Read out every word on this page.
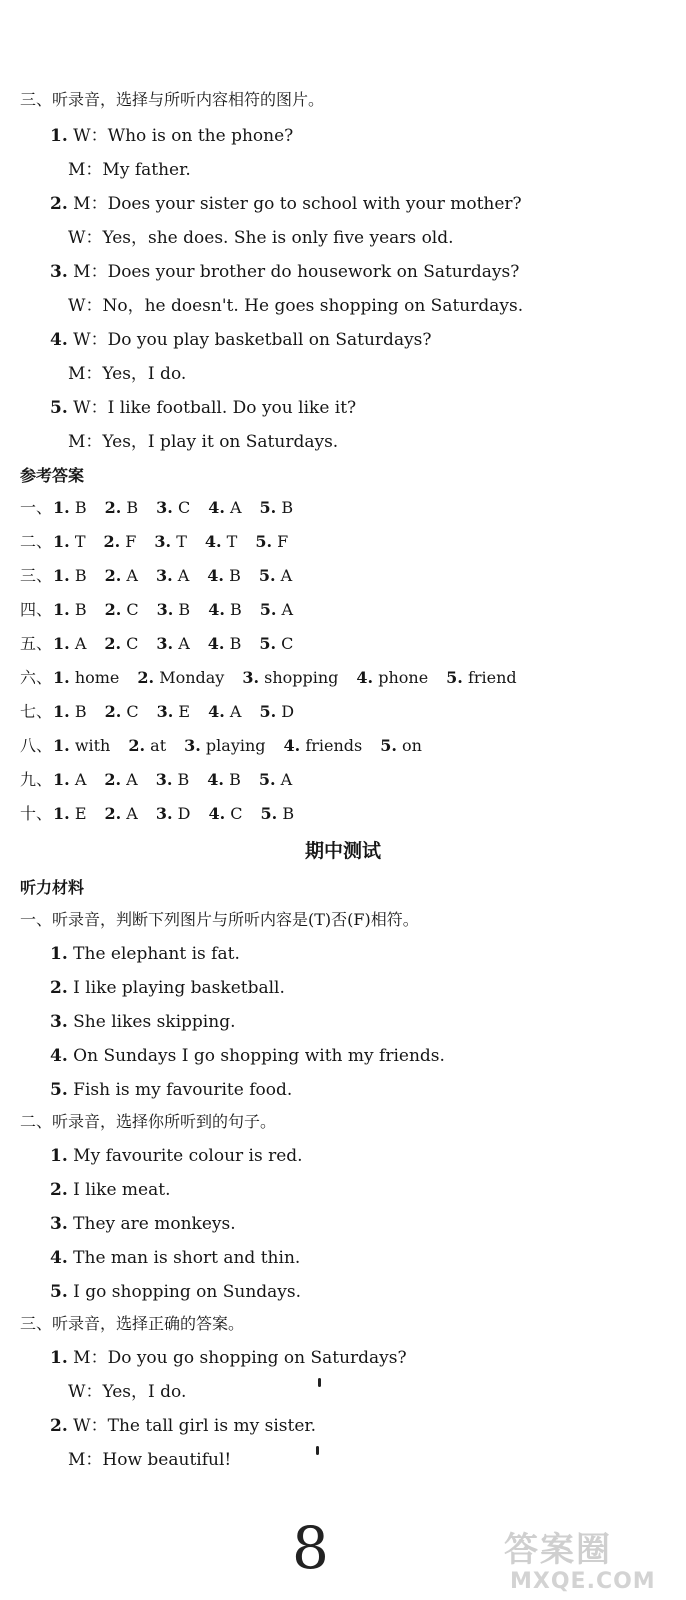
三、听录音，选择与所听内容相符的图片。
1. W：Who is on the phone?
M：My father.
2. M：Does your sister go to school with your mother?
W：Yes，she does. She is only five years old.
3. M：Does your brother do housework on Saturdays?
W：No，he doesn't. He goes shopping on Saturdays.
4. W：Do you play basketball on Saturdays?
M：Yes，I do.
5. W：I like football. Do you like it?
M：Yes，I play it on Saturdays.
参考答案
一、1. B 2. B 3. C 4. A 5. B
二、1. T 2. F 3. T 4. T 5. F
三、1. B 2. A 3. A 4. B 5. A
四、1. B 2. C 3. B 4. B 5. A
五、1. A 2. C 3. A 4. B 5. C
六、1. home 2. Monday 3. shopping 4. phone 5. friend
七、1. B 2. C 3. E 4. A 5. D
八、1. with 2. at 3. playing 4. friends 5. on
九、1. A 2. A 3. B 4. B 5. A
十、1. E 2. A 3. D 4. C 5. B
期中测试
听力材料
一、听录音，判断下列图片与所听内容是(T)否(F)相符。
1. The elephant is fat.
2. I like playing basketball.
3. She likes skipping.
4. On Sundays I go shopping with my friends.
5. Fish is my favourite food.
二、听录音，选择你所听到的句子。
1. My favourite colour is red.
2. I like meat.
3. They are monkeys.
4. The man is short and thin.
5. I go shopping on Sundays.
三、听录音，选择正确的答案。
1. M：Do you go shopping on Saturdays?
W：Yes，I do.
2. W：The tall girl is my sister.
M：How beautiful!
8	答案圈
MXQE.COM
